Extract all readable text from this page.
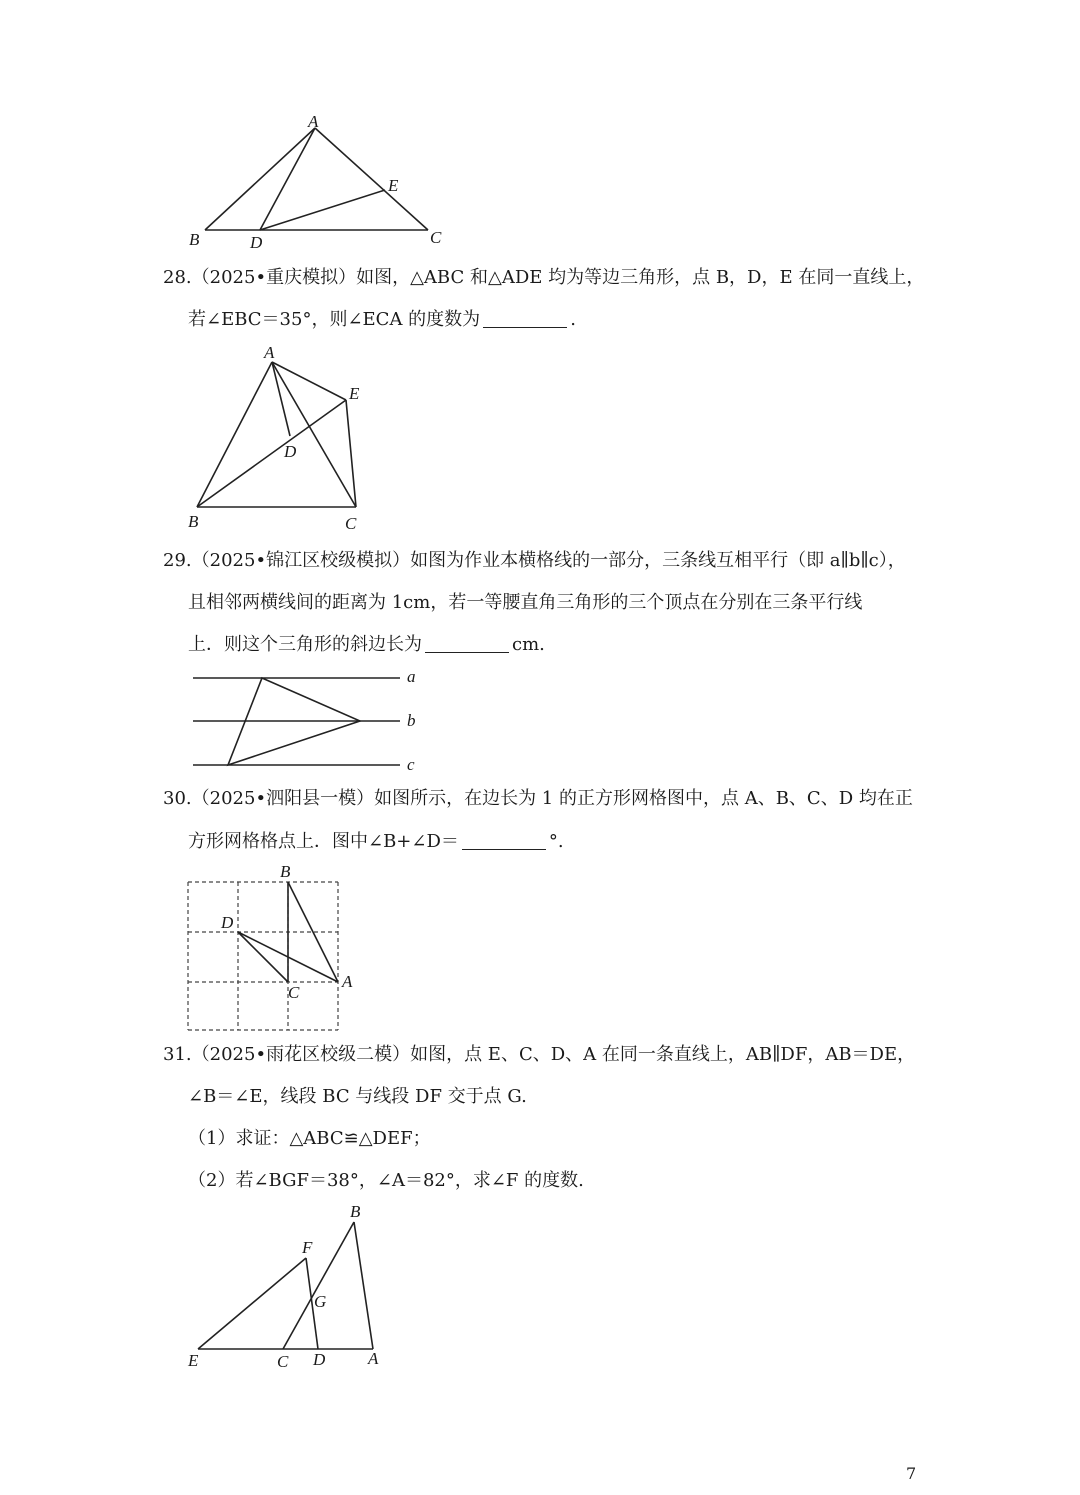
A
B	C
D
E
28.（2025•重庆模拟）如图，△ABC 和△ADE 均为等边三角形，点 B，D，E 在同一直线上，
若∠EBC＝35°，则∠ECA 的度数为	.
A
B	C
D
E
29.（2025•锦江区校级模拟）如图为作业本横格线的一部分，三条线互相平行（即 a∥b∥c），
且相邻两横线间的距离为 1cm，若一等腰直角三角形的三个顶点在分别在三条平行线
上．则这个三角形的斜边长为	cm.
a
b
c
30.（2025•泗阳县一模）如图所示，在边长为 1 的正方形网格图中，点 A、B、C、D 均在正
方形网格格点上．图中∠B+∠D＝	°.
A
B
C
D
31.（2025•雨花区校级二模）如图，点 E、C、D、A 在同一条直线上，AB∥DF，AB＝DE，
∠B＝∠E，线段 BC 与线段 DF 交于点 G.
（1）求证：△ABC≌△DEF；
（2）若∠BGF＝38°，∠A＝82°，求∠F 的度数.
A
B
C D
E
F
G
7
